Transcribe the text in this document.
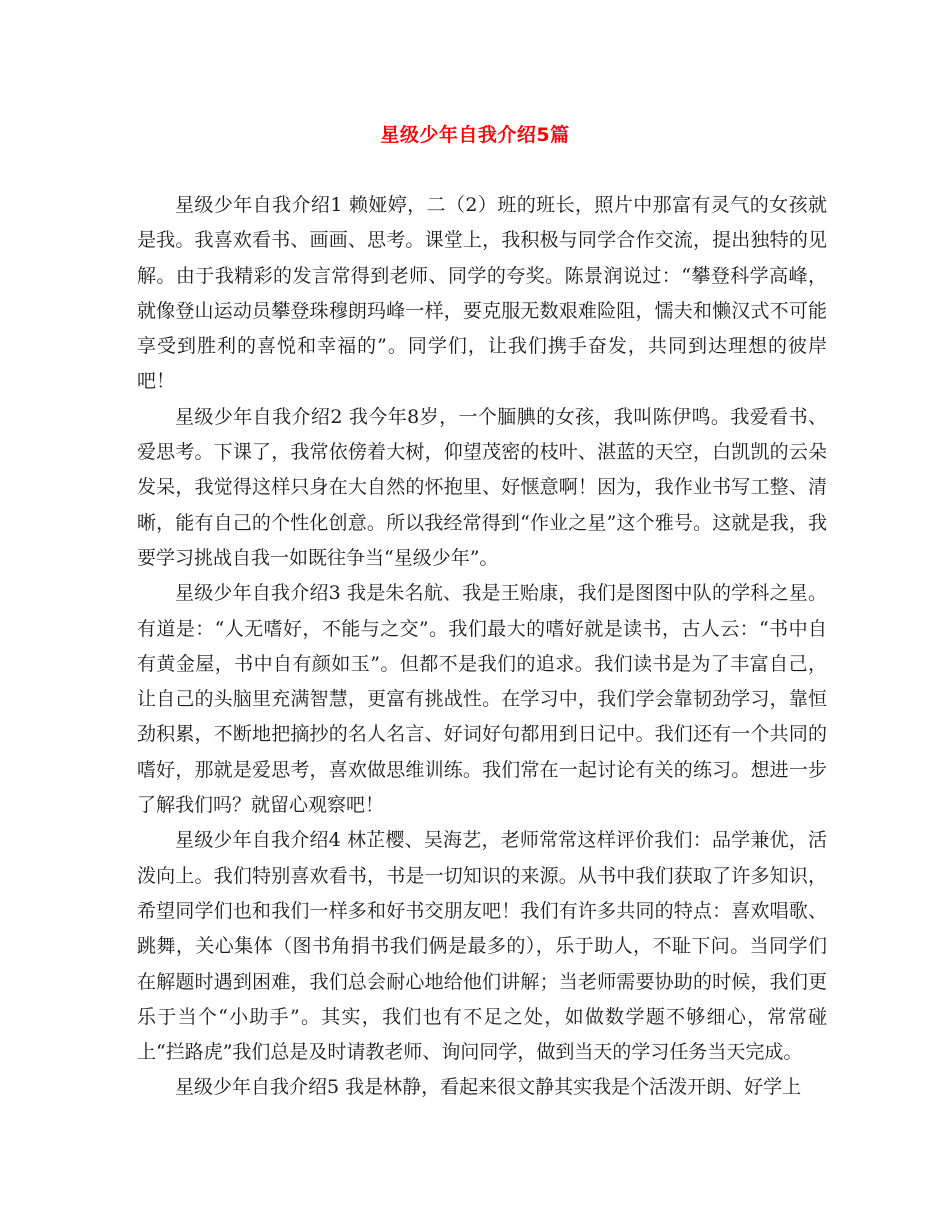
星级少年自我介绍5篇

星级少年自我介绍1 赖娅婷，二（2）班的班长，照片中那富有灵气的女孩就是我。我喜欢看书、画画、思考。课堂上，我积极与同学合作交流，提出独特的见解。由于我精彩的发言常得到老师、同学的夸奖。陈景润说过：“攀登科学高峰，就像登山运动员攀登珠穆朗玛峰一样，要克服无数艰难险阻，懦夫和懒汉式不可能享受到胜利的喜悦和幸福的”。同学们，让我们携手奋发，共同到达理想的彼岸吧！

星级少年自我介绍2 我今年8岁，一个腼腆的女孩，我叫陈伊鸣。我爱看书、爱思考。下课了，我常依傍着大树，仰望茂密的枝叶、湛蓝的天空，白凯凯的云朵发呆，我觉得这样只身在大自然的怀抱里、好惬意啊！因为，我作业书写工整、清晰，能有自己的个性化创意。所以我经常得到“作业之星”这个雅号。这就是我，我要学习挑战自我一如既往争当“星级少年”。

星级少年自我介绍3 我是朱名航、我是王贻康，我们是图图中队的学科之星。有道是：“人无嗜好，不能与之交”。我们最大的嗜好就是读书，古人云：“书中自有黄金屋，书中自有颜如玉”。但都不是我们的追求。我们读书是为了丰富自己，让自己的头脑里充满智慧，更富有挑战性。在学习中，我们学会靠韧劲学习，靠恒劲积累，不断地把摘抄的名人名言、好词好句都用到日记中。我们还有一个共同的嗜好，那就是爱思考，喜欢做思维训练。我们常在一起讨论有关的练习。想进一步了解我们吗？就留心观察吧！

星级少年自我介绍4 林芷樱、吴海艺，老师常常这样评价我们：品学兼优，活泼向上。我们特别喜欢看书，书是一切知识的来源。从书中我们获取了许多知识，希望同学们也和我们一样多和好书交朋友吧！我们有许多共同的特点：喜欢唱歌、跳舞，关心集体（图书角捐书我们俩是最多的），乐于助人，不耻下问。当同学们在解题时遇到困难，我们总会耐心地给他们讲解；当老师需要协助的时候，我们更乐于当个“小助手”。其实，我们也有不足之处，如做数学题不够细心，常常碰上“拦路虎”我们总是及时请教老师、询问同学，做到当天的学习任务当天完成。

星级少年自我介绍5 我是林静，看起来很文静其实我是个活泼开朗、好学上
